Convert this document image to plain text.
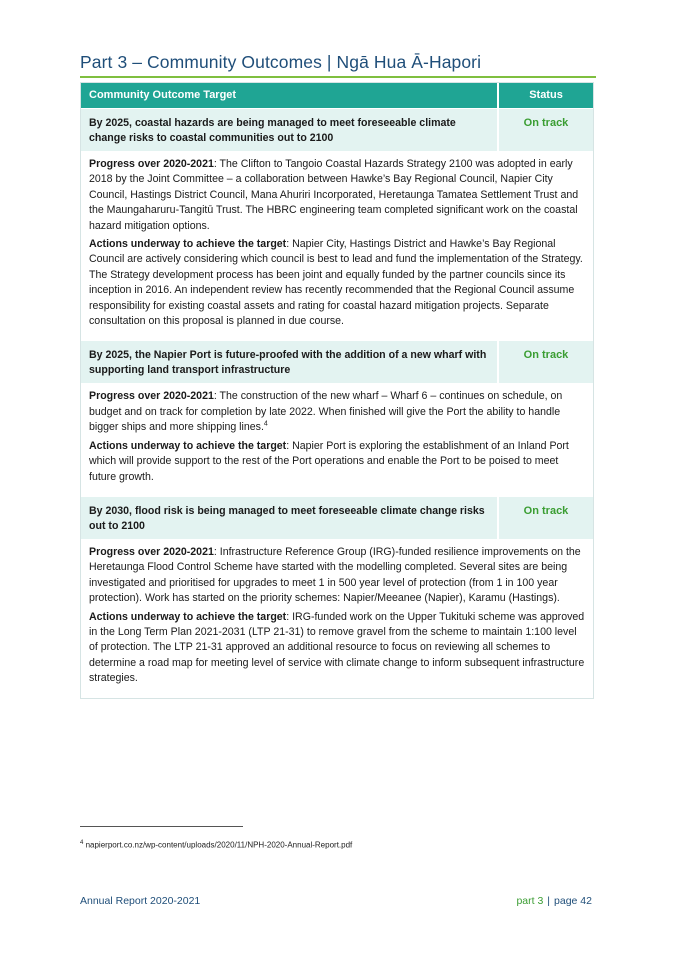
Part 3 – Community Outcomes | Ngā Hua Ā-Hapori
Community Outcome Target	Status
By 2025, coastal hazards are being managed to meet foreseeable climate change risks to coastal communities out to 2100
On track

Progress over 2020-2021: The Clifton to Tangoio Coastal Hazards Strategy 2100 was adopted in early 2018 by the Joint Committee – a collaboration between Hawke’s Bay Regional Council, Napier City Council, Hastings District Council, Mana Ahuriri Incorporated, Heretaunga Tamatea Settlement Trust and the Maungaharuru-Tangitū Trust. The HBRC engineering team completed significant work on the coastal hazard mitigation options.

Actions underway to achieve the target: Napier City, Hastings District and Hawke’s Bay Regional Council are actively considering which council is best to lead and fund the implementation of the Strategy. The Strategy development process has been joint and equally funded by the partner councils since its inception in 2016. An independent review has recently recommended that the Regional Council assume responsibility for existing coastal assets and rating for coastal hazard mitigation projects. Separate consultation on this proposal is planned in due course.

By 2025, the Napier Port is future-proofed with the addition of a new wharf with supporting land transport infrastructure
On track

Progress over 2020-2021: The construction of the new wharf – Wharf 6 – continues on schedule, on budget and on track for completion by late 2022. When finished will give the Port the ability to handle bigger ships and more shipping lines.$^4$

Actions underway to achieve the target: Napier Port is exploring the establishment of an Inland Port which will provide support to the rest of the Port operations and enable the Port to be poised to meet future growth.

By 2030, flood risk is being managed to meet foreseeable climate change risks out to 2100
On track

Progress over 2020-2021: Infrastructure Reference Group (IRG)-funded resilience improvements on the Heretaunga Flood Control Scheme have started with the modelling completed. Several sites are being investigated and prioritised for upgrades to meet 1 in 500 year level of protection (from 1 in 100 year protection). Work has started on the priority schemes: Napier/Meeanee (Napier), Karamu (Hastings).

Actions underway to achieve the target: IRG-funded work on the Upper Tukituki scheme was approved in the Long Term Plan 2021-2031 (LTP 21-31) to remove gravel from the scheme to maintain 1:100 level of protection. The LTP 21-31 approved an additional resource to focus on reviewing all schemes to determine a road map for meeting level of service with climate change to inform subsequent infrastructure strategies.

$^4$ napierport.co.nz/wp-content/uploads/2020/11/NPH-2020-Annual-Report.pdf
Annual Report 2020-2021	part 3 | page 42
